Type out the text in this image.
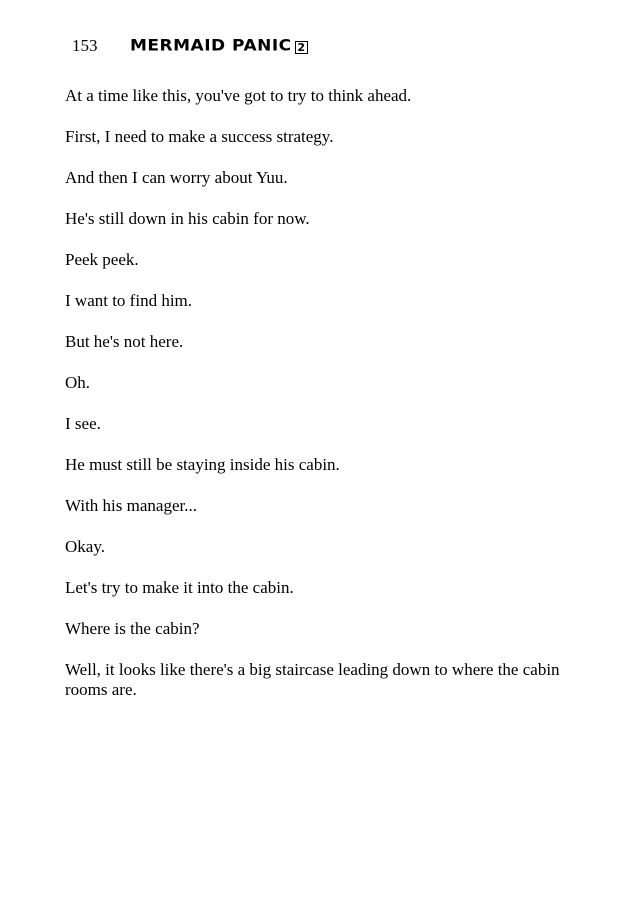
153	MERMAID PANIC 2

At a time like this, you've got to try to think ahead.

First, I need to make a success strategy.

And then I can worry about Yuu.

He's still down in his cabin for now.

Peek peek.

I want to find him.

But he's not here.

Oh.

I see.

He must still be staying inside his cabin.

With his manager...

Okay.

Let's try to make it into the cabin.

Where is the cabin?

Well, it looks like there's a big staircase leading down to where the cabin rooms are.
